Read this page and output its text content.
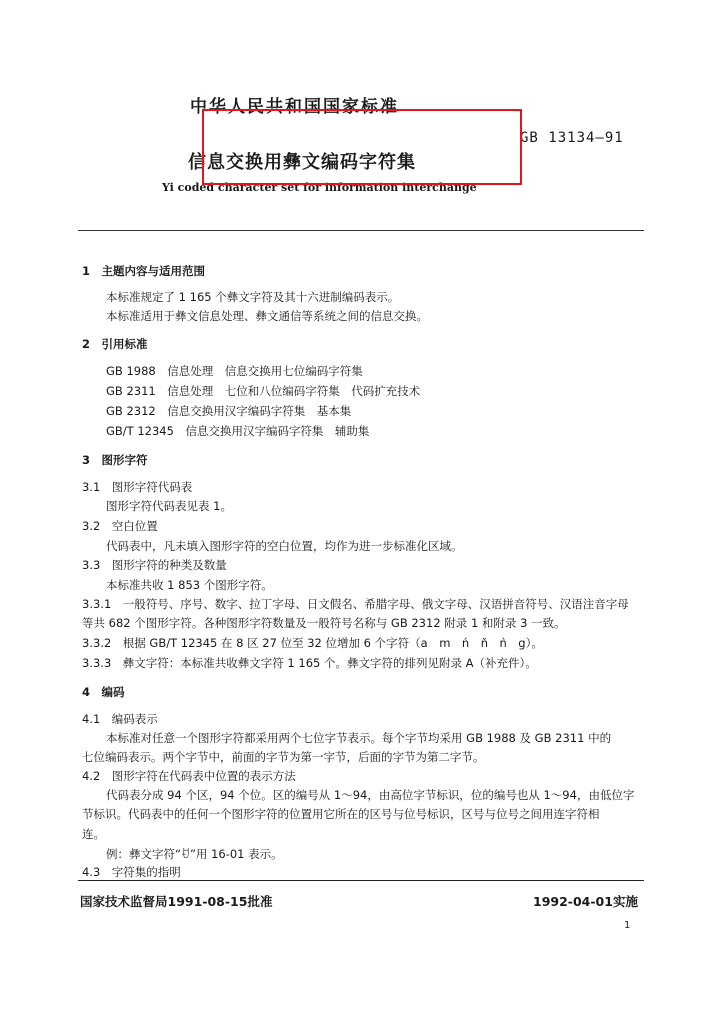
中华人民共和国国家标准
GB 13134—91
信息交换用彝文编码字符集
Yi coded character set for information interchange
1　主题内容与适用范围
本标准规定了 1 165 个彝文字符及其十六进制编码表示。
本标准适用于彝文信息处理、彝文通信等系统之间的信息交换。
2　引用标准
GB 1988　信息处理　信息交换用七位编码字符集
GB 2311　信息处理　七位和八位编码字符集　代码扩充技术
GB 2312　信息交换用汉字编码字符集　基本集
GB/T 12345　信息交换用汉字编码字符集　辅助集
3　图形字符
3.1　图形字符代码表
图形字符代码表见表 1。
3.2　空白位置
代码表中，凡未填入图形字符的空白位置，均作为进一步标准化区域。
3.3　图形字符的种类及数量
本标准共收 1 853 个图形字符。
3.3.1　一般符号、序号、数字、拉丁字母、日文假名、希腊字母、俄文字母、汉语拼音符号、汉语注音字母
等共 682 个图形字符。各种图形字符数量及一般符号名称与 GB 2312 附录 1 和附录 3 一致。
3.3.2　根据 GB/T 12345 在 8 区 27 位至 32 位增加 6 个字符（a　m　ń　ň　ǹ　g）。
3.3.3　彝文字符：本标准共收彝文字符 1 165 个。彝文字符的排列见附录 A（补充件）。
4　编码
4.1　编码表示
本标准对任意一个图形字符都采用两个七位字节表示。每个字节均采用 GB 1988 及 GB 2311 中的
七位编码表示。两个字节中，前面的字节为第一字节，后面的字节为第二字节。
4.2　图形字符在代码表中位置的表示方法
代码表分成 94 个区，94 个位。区的编号从 1～94，由高位字节标识，位的编号也从 1～94，由低位字
节标识。代码表中的任何一个图形字符的位置用它所在的区号与位号标识，区号与位号之间用连字符相
连。
例：彝文字符“ꀀ”用 16-01 表示。
4.3　字符集的指明
国家技术监督局1991-08-15批准	1992-04-01实施
1
